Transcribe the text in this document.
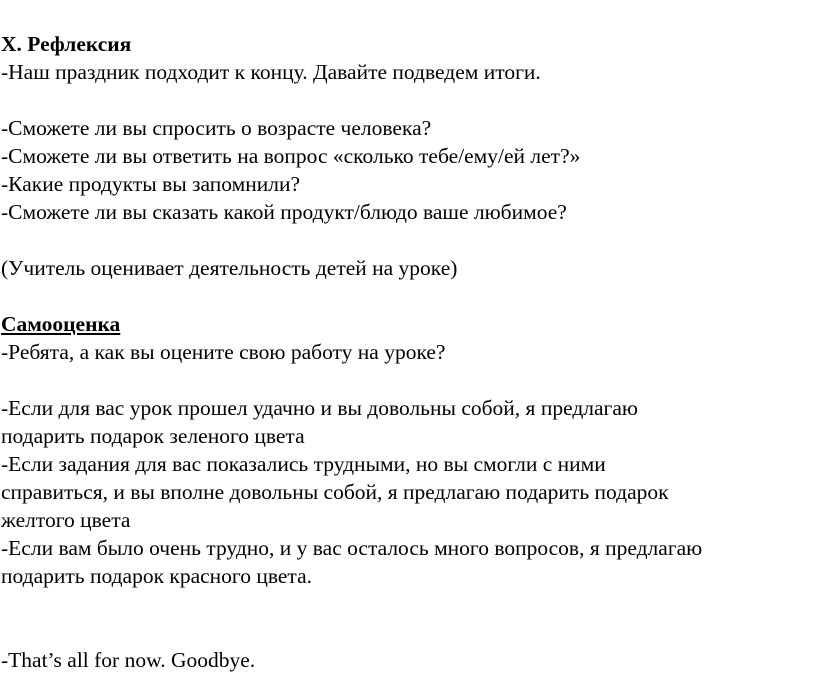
X. Рефлексия
-Наш праздник подходит к концу. Давайте подведем итоги.
-Сможете ли вы спросить о возрасте человека?
-Сможете ли вы ответить на вопрос «сколько тебе/ему/ей лет?»
-Какие продукты вы запомнили?
-Сможете ли вы сказать какой продукт/блюдо ваше любимое?
(Учитель оценивает деятельность детей на уроке)
Самооценка
-Ребята, а как вы оцените свою работу на уроке?
-Если для вас урок прошел удачно и вы довольны собой, я предлагаю
подарить подарок зеленого цвета
-Если задания для вас показались трудными, но вы смогли с ними
справиться, и вы вполне довольны собой, я предлагаю подарить подарок
желтого цвета
-Если вам было очень трудно, и у вас осталось много вопросов, я предлагаю
подарить подарок красного цвета.
-That’s all for now. Goodbye.
